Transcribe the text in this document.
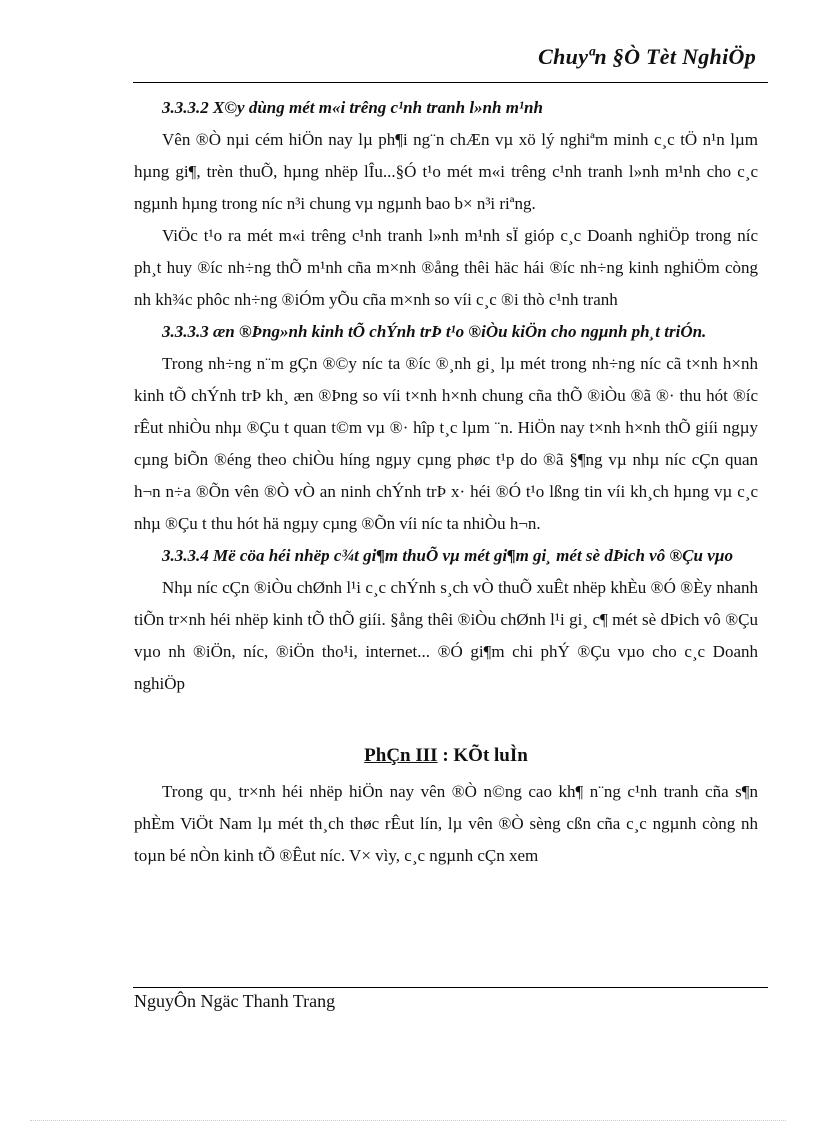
Chuyªn §Ò Tèt NghiÖp

3.3.3.2 X©y dùng mét m«i trêng c¹nh tranh l»nh m¹nh

Vên ®Ò nµi cém hiÖn nay lµ ph¶i ng¨n chÆn vµ xö lý nghiªm minh c¸c tÖ n¹n lµm hµng gi¶, trèn thuÕ, hµng nhëp lÎu...§Ó t¹o mét m«i trêng c¹nh tranh l»nh m¹nh cho c¸c ngµnh hµng trong níc n³i chung vµ ngµnh bao b× n³i riªng.

ViÖc t¹o ra mét m«i trêng c¹nh tranh l»nh m¹nh sÏ gióp c¸c Doanh nghiÖp trong níc ph¸t huy ®íc nh÷ng thÕ m¹nh cña m×nh ®ång thêi häc hái ®íc nh÷ng kinh nghiÖm còng nh kh¾c phôc nh÷ng ®iÓm yÕu cña m×nh so víi c¸c ®i thò c¹nh tranh

3.3.3.3 æn ®Þng»nh kinh tÕ chÝnh trÞ t¹o ®iÒu kiÖn cho ngµnh ph¸t triÓn.

Trong nh÷ng n¨m gÇn ®©y níc ta ®íc ®¸nh gi¸ lµ mét trong nh÷ng níc cã t×nh h×nh kinh tÕ chÝnh trÞ kh¸ æn ®Þng so víi t×nh h×nh chung cña thÕ ®iÒu ®ã ®· thu hót ®íc rÊut nhiÒu nhµ ®Çu t quan t©m vµ ®· hîp t¸c lµm ¨n. HiÖn nay t×nh h×nh thÕ giíi ngµy cµng biÕn ®éng theo chiÒu híng ngµy cµng phøc t¹p do ®ã §¶ng vµ nhµ níc cÇn quan h¬n n÷a ®Õn vên ®Ò vÒ an ninh chÝnh trÞ x· héi ®Ó t¹o lßng tin víi kh¸ch hµng vµ c¸c nhµ ®Çu t thu hót hä ngµy cµng ®Õn víi níc ta nhiÒu h¬n.

3.3.3.4 Më cöa héi nhëp c¾t gi¶m thuÕ vµ mét gi¶m gi¸ mét sè dÞich vô ®Çu vµo

Nhµ níc cÇn ®iÒu chØnh l¹i c¸c chÝnh s¸ch vÒ thuÕ xuÊt nhëp khÈu ®Ó ®Èy nhanh tiÕn tr×nh héi nhëp kinh tÕ thÕ giíi. §ång thêi ®iÒu chØnh l¹i gi¸ c¶ mét sè dÞich vô ®Çu vµo nh ®iÖn, níc, ®iÖn tho¹i, internet... ®Ó gi¶m chi phÝ ®Çu vµo cho c¸c Doanh nghiÖp

PhÇn III : KÕt luÌn

Trong qu¸ tr×nh héi nhëp hiÖn nay vên ®Ò n©ng cao kh¶ n¨ng c¹nh tranh cña s¶n phÈm ViÖt Nam lµ mét th¸ch thøc rÊut lín, lµ vên ®Ò sèng cßn cña c¸c ngµnh còng nh toµn bé nÒn kinh tÕ ®Êut níc. V× vìy, c¸c ngµnh cÇn xem

NguyÔn Ngäc Thanh Trang
